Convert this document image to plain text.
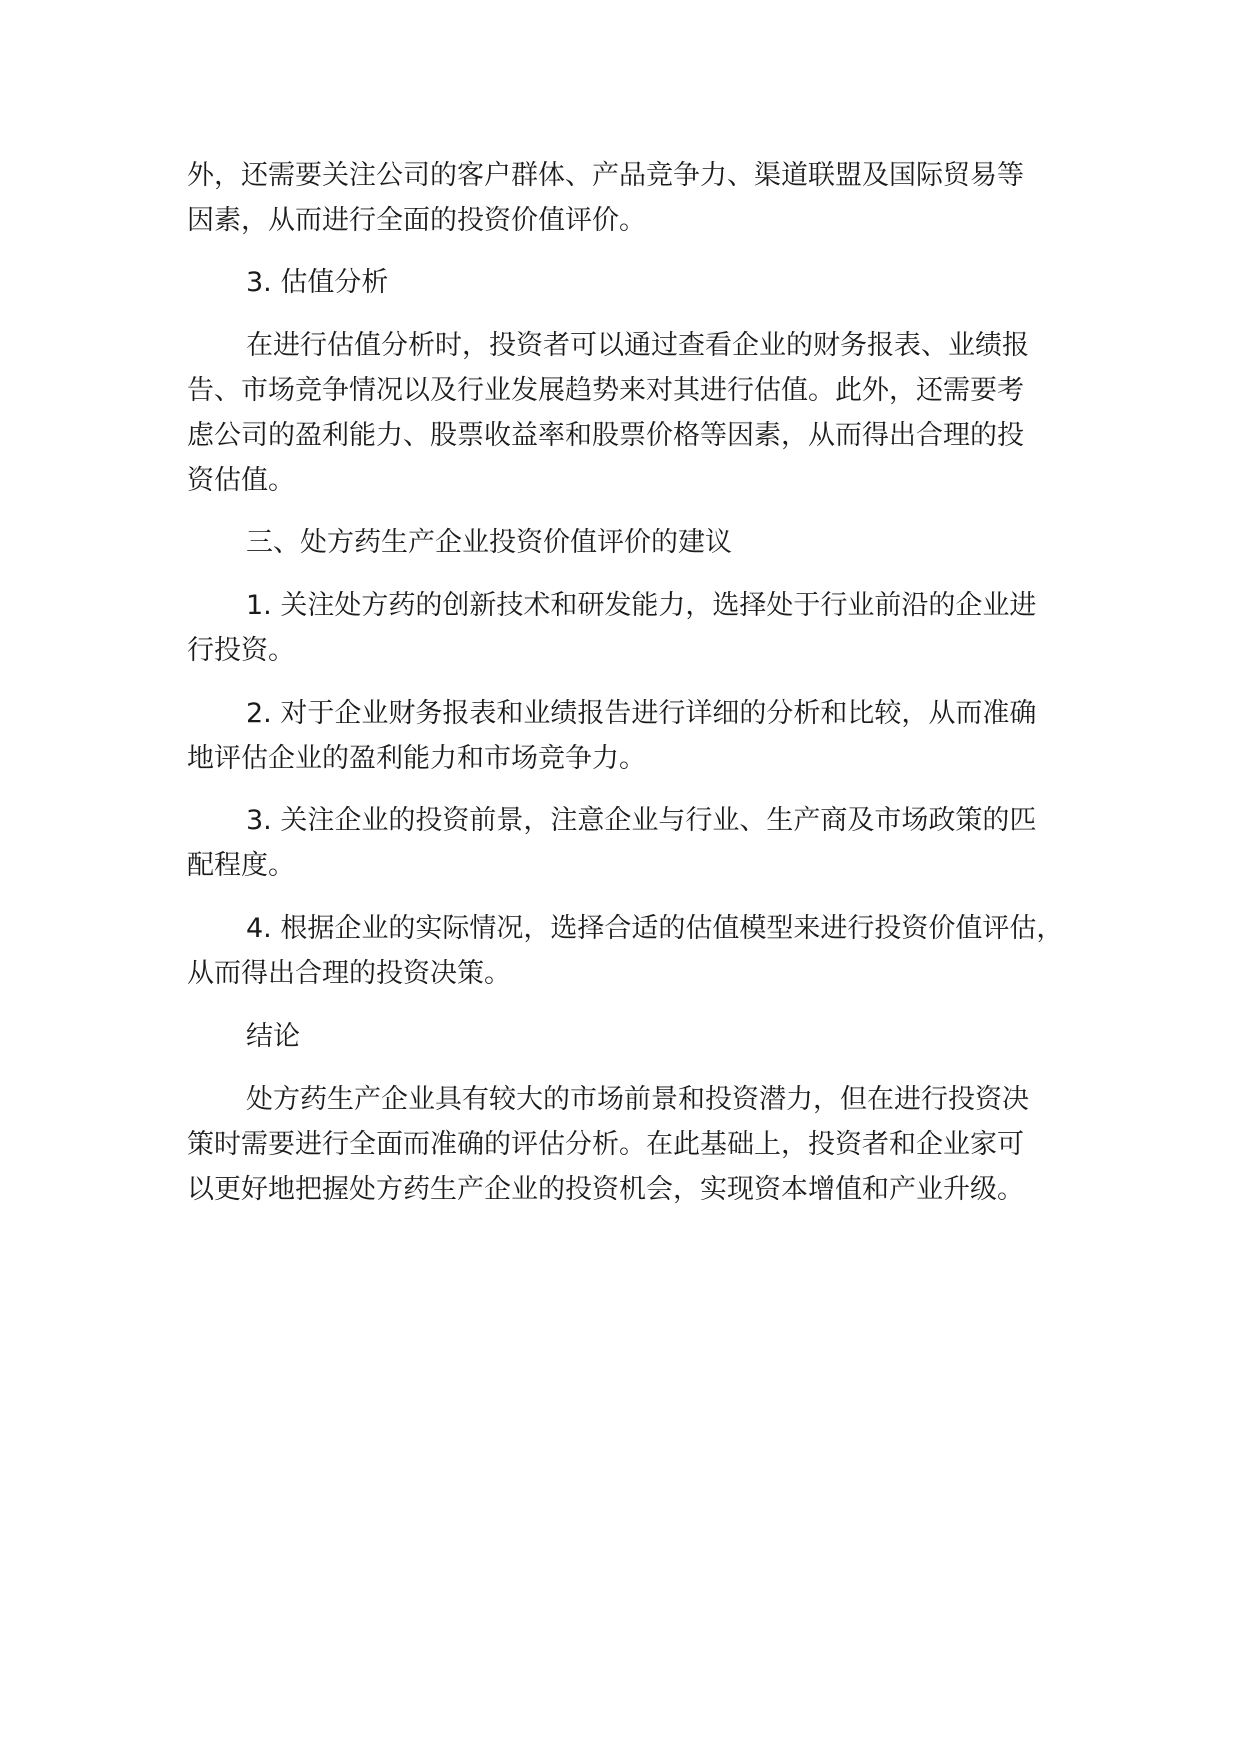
外，还需要关注公司的客户群体、产品竞争力、渠道联盟及国际贸易等
因素，从而进行全面的投资价值评价。
3. 估值分析
在进行估值分析时，投资者可以通过查看企业的财务报表、业绩报
告、市场竞争情况以及行业发展趋势来对其进行估值。此外，还需要考
虑公司的盈利能力、股票收益率和股票价格等因素，从而得出合理的投
资估值。
三、处方药生产企业投资价值评价的建议
1. 关注处方药的创新技术和研发能力，选择处于行业前沿的企业进
行投资。
2. 对于企业财务报表和业绩报告进行详细的分析和比较，从而准确
地评估企业的盈利能力和市场竞争力。
3. 关注企业的投资前景，注意企业与行业、生产商及市场政策的匹
配程度。
4. 根据企业的实际情况，选择合适的估值模型来进行投资价值评估，
从而得出合理的投资决策。
结论
处方药生产企业具有较大的市场前景和投资潜力，但在进行投资决
策时需要进行全面而准确的评估分析。在此基础上，投资者和企业家可
以更好地把握处方药生产企业的投资机会，实现资本增值和产业升级。
